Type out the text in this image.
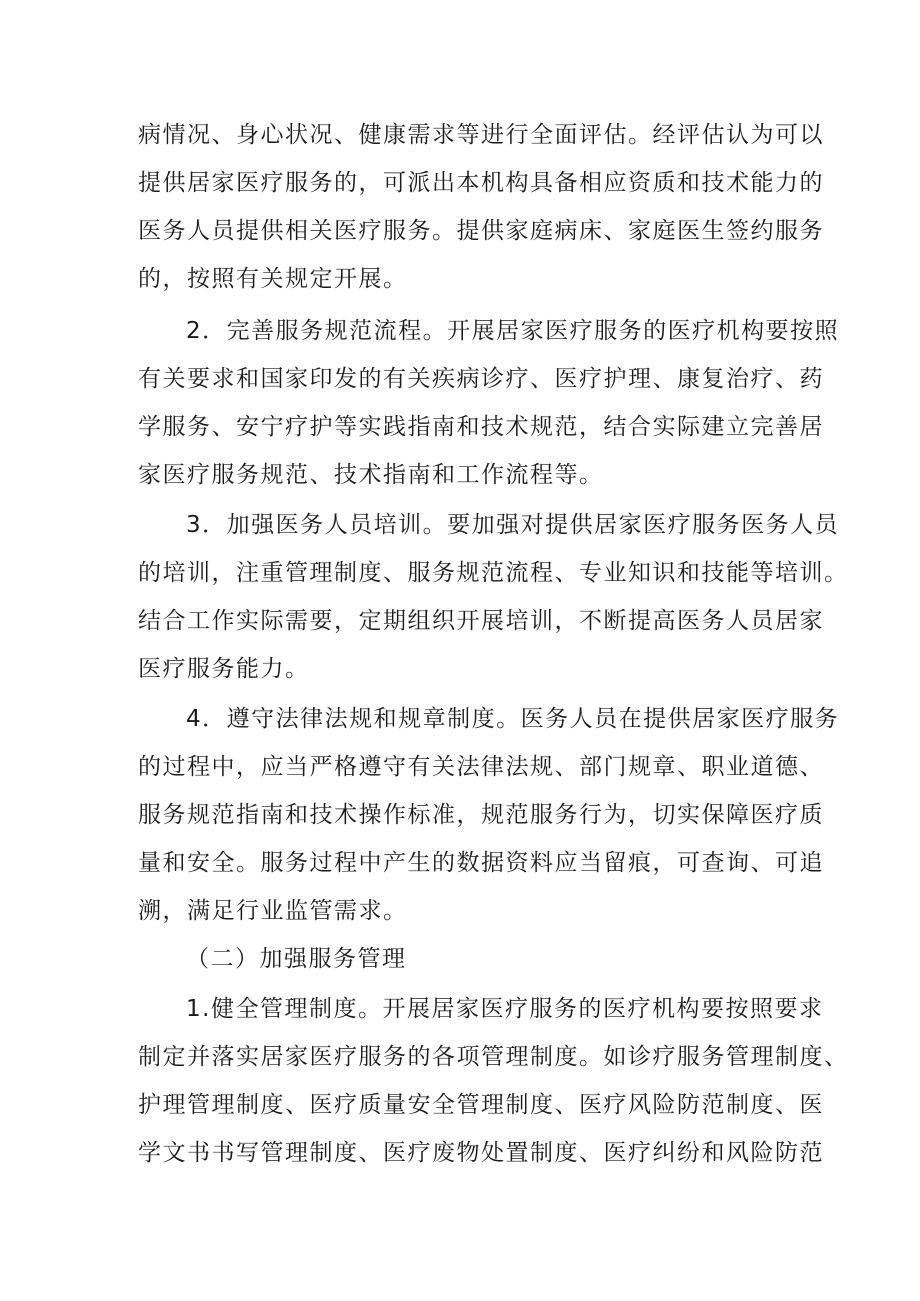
病情况、身心状况、健康需求等进行全面评估。经评估认为可以
提供居家医疗服务的，可派出本机构具备相应资质和技术能力的
医务人员提供相关医疗服务。提供家庭病床、家庭医生签约服务
的，按照有关规定开展。
2．完善服务规范流程。开展居家医疗服务的医疗机构要按照
有关要求和国家印发的有关疾病诊疗、医疗护理、康复治疗、药
学服务、安宁疗护等实践指南和技术规范，结合实际建立完善居
家医疗服务规范、技术指南和工作流程等。
3．加强医务人员培训。要加强对提供居家医疗服务医务人员
的培训，注重管理制度、服务规范流程、专业知识和技能等培训。
结合工作实际需要，定期组织开展培训，不断提高医务人员居家
医疗服务能力。
4．遵守法律法规和规章制度。医务人员在提供居家医疗服务
的过程中，应当严格遵守有关法律法规、部门规章、职业道德、
服务规范指南和技术操作标准，规范服务行为，切实保障医疗质
量和安全。服务过程中产生的数据资料应当留痕，可查询、可追
溯，满足行业监管需求。
（二）加强服务管理
1.健全管理制度。开展居家医疗服务的医疗机构要按照要求
制定并落实居家医疗服务的各项管理制度。如诊疗服务管理制度、
护理管理制度、医疗质量安全管理制度、医疗风险防范制度、医
学文书书写管理制度、医疗废物处置制度、医疗纠纷和风险防范
